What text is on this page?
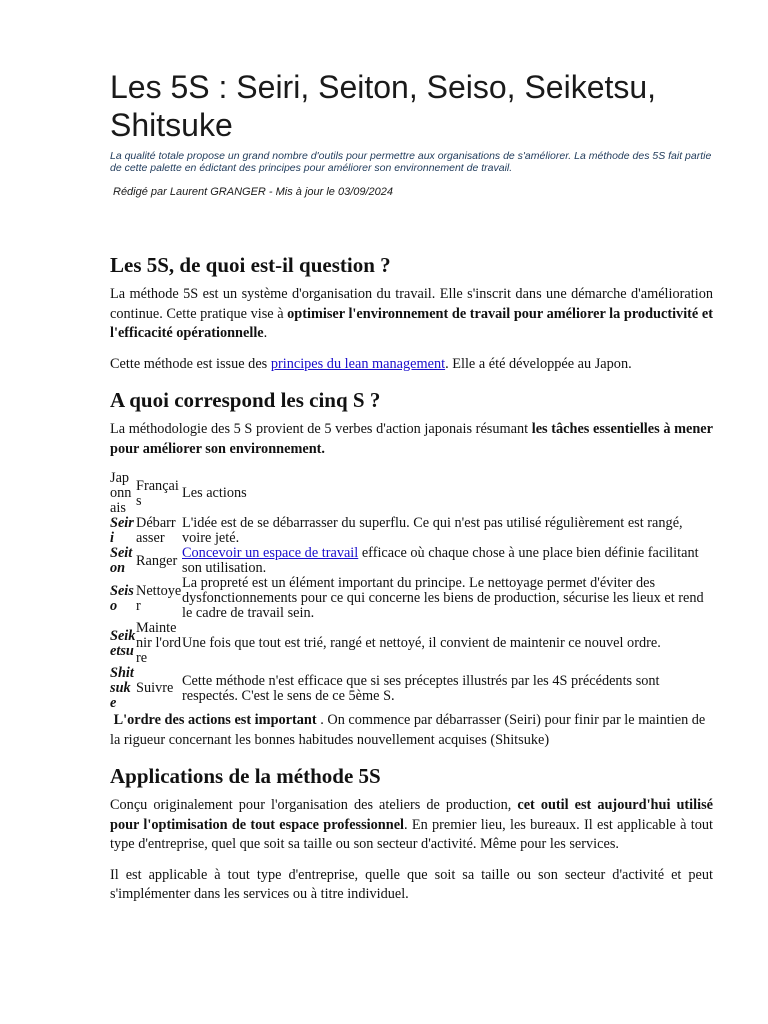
Les 5S : Seiri, Seiton, Seiso, Seiketsu, Shitsuke
La qualité totale propose un grand nombre d'outils pour permettre aux organisations de s'améliorer. La méthode des 5S fait partie de cette palette en édictant des principes pour améliorer son environnement de travail.
Rédigé par Laurent GRANGER - Mis à jour le 03/09/2024
Les 5S, de quoi est-il question ?

La méthode 5S est un système d'organisation du travail. Elle s'inscrit dans une démarche d'amélioration continue. Cette pratique vise à optimiser l'environnement de travail pour améliorer la productivité et l'efficacité opérationnelle.

Cette méthode est issue des principes du lean management. Elle a été développée au Japon.

A quoi correspond les cinq S ?

La méthodologie des 5 S provient de 5 verbes d'action japonais résumant les tâches essentielles à mener pour améliorer son environnement.

Japonnais	Français	Les actions
Seiri	Débarrasser	L'idée est de se débarrasser du superflu. Ce qui n'est pas utilisé régulièrement est rangé, voire jeté.
Seiton	Ranger	Concevoir un espace de travail efficace où chaque chose à une place bien définie facilitant son utilisation.
Seiso	Nettoyer	La propreté est un élément important du principe. Le nettoyage permet d'éviter des dysfonctionnements pour ce qui concerne les biens de production, sécurise les lieux et rend le cadre de travail sein.
Seiketsu	Maintenir l'ordre	Une fois que tout est trié, rangé et nettoyé, il convient de maintenir ce nouvel ordre.
Shitsuke	Suivre	Cette méthode n'est efficace que si ses préceptes illustrés par les 4S précédents sont respectés. C'est le sens de ce 5ème S.

L'ordre des actions est important . On commence par débarrasser (Seiri) pour finir par le maintien de la rigueur concernant les bonnes habitudes nouvellement acquises (Shitsuke)

Applications de la méthode 5S

Conçu originalement pour l'organisation des ateliers de production, cet outil est aujourd'hui utilisé pour l'optimisation de tout espace professionnel. En premier lieu, les bureaux. Il est applicable à tout type d'entreprise, quel que soit sa taille ou son secteur d'activité. Même pour les services.

Il est applicable à tout type d'entreprise, quelle que soit sa taille ou son secteur d'activité et peut s'implémenter dans les services ou à titre individuel.
